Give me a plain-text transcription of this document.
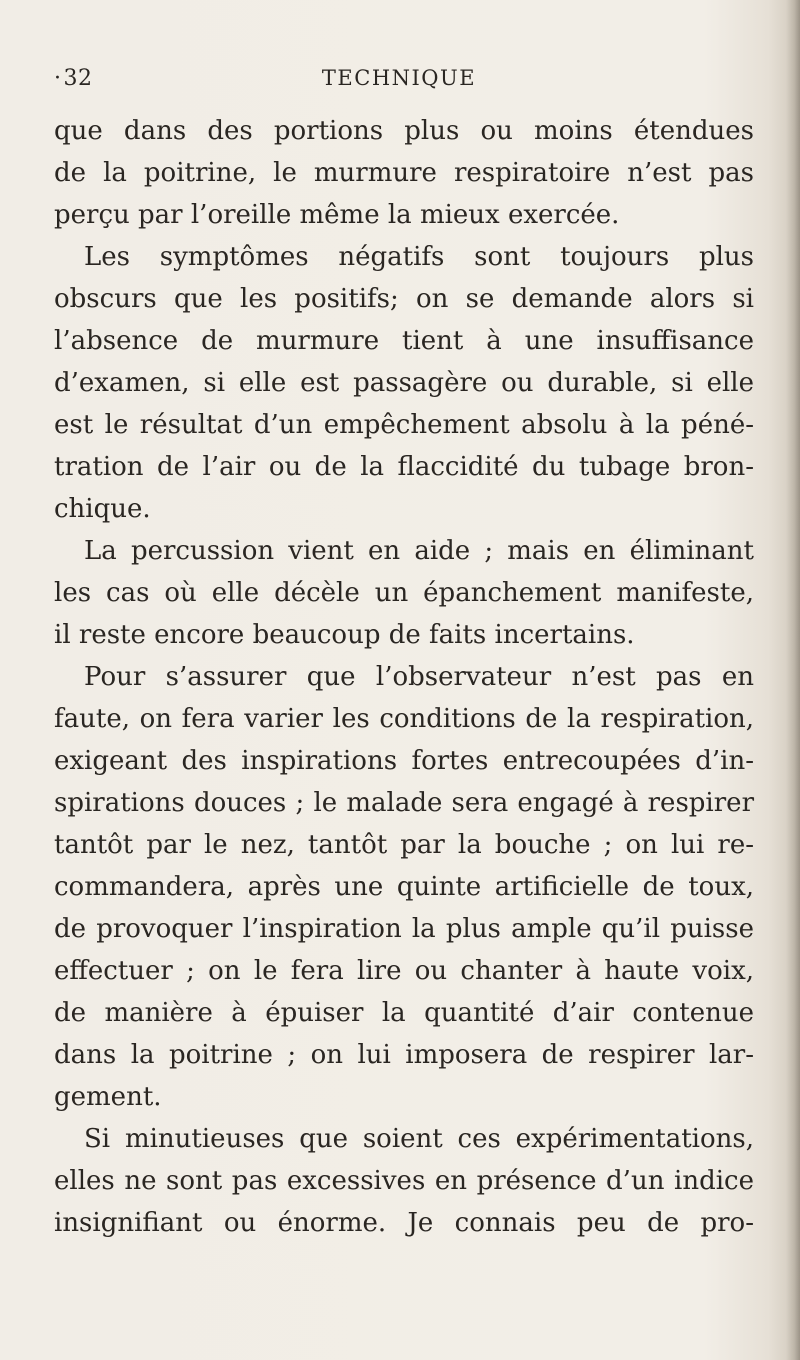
· 32	TECHNIQUE
que dans des portions plus ou moins étendues
de la poitrine, le murmure respiratoire n’est pas
perçu par l’oreille même la mieux exercée.
Les symptômes négatifs sont toujours plus
obscurs que les positifs; on se demande alors si
l’absence de murmure tient à une insuffisance
d’examen, si elle est passagère ou durable, si elle
est le résultat d’un empêchement absolu à la péné-
tration de l’air ou de la flaccidité du tubage bron-
chique.
La percussion vient en aide ; mais en éliminant
les cas où elle décèle un épanchement manifeste,
il reste encore beaucoup de faits incertains.
Pour s’assurer que l’observateur n’est pas en
faute, on fera varier les conditions de la respiration,
exigeant des inspirations fortes entrecoupées d’in-
spirations douces ; le malade sera engagé à respirer
tantôt par le nez, tantôt par la bouche ; on lui re-
commandera, après une quinte artificielle de toux,
de provoquer l’inspiration la plus ample qu’il puisse
effectuer ; on le fera lire ou chanter à haute voix,
de manière à épuiser la quantité d’air contenue
dans la poitrine ; on lui imposera de respirer lar-
gement.
Si minutieuses que soient ces expérimentations,
elles ne sont pas excessives en présence d’un indice
insignifiant ou énorme. Je connais peu de pro-
